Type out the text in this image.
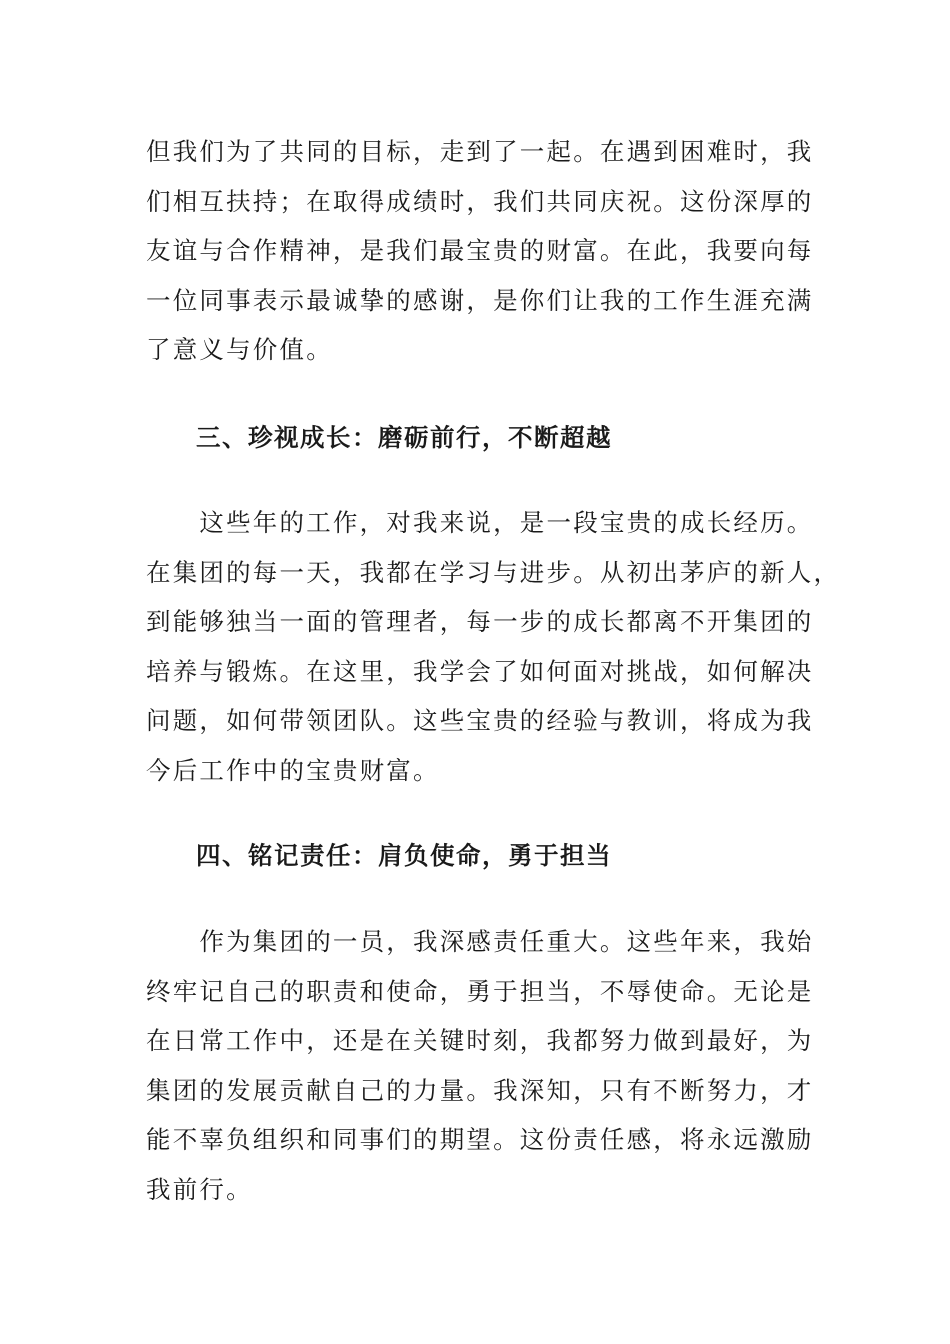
但我们为了共同的目标，走到了一起。在遇到困难时，我
们相互扶持；在取得成绩时，我们共同庆祝。这份深厚的
友谊与合作精神，是我们最宝贵的财富。在此，我要向每
一位同事表示最诚挚的感谢，是你们让我的工作生涯充满
了意义与价值。

三、珍视成长：磨砺前行，不断超越

　　这些年的工作，对我来说，是一段宝贵的成长经历。
在集团的每一天，我都在学习与进步。从初出茅庐的新人，
到能够独当一面的管理者，每一步的成长都离不开集团的
培养与锻炼。在这里，我学会了如何面对挑战，如何解决
问题，如何带领团队。这些宝贵的经验与教训，将成为我
今后工作中的宝贵财富。

四、铭记责任：肩负使命，勇于担当

　　作为集团的一员，我深感责任重大。这些年来，我始
终牢记自己的职责和使命，勇于担当，不辱使命。无论是
在日常工作中，还是在关键时刻，我都努力做到最好，为
集团的发展贡献自己的力量。我深知，只有不断努力，才
能不辜负组织和同事们的期望。这份责任感，将永远激励
我前行。
